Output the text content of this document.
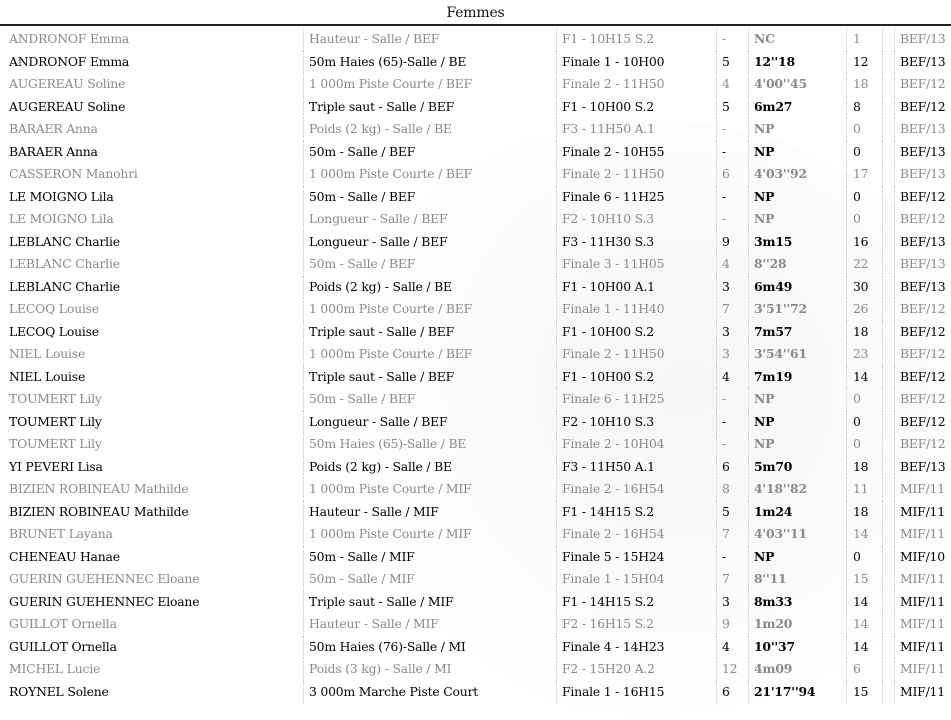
Femmes
ANDRONOF Emma	Hauteur - Salle / BEF	F1 - 10H15 S.2	-	NC	1	BEF/13
ANDRONOF Emma	50m Haies (65)-Salle / BE	Finale 1 - 10H00	5	12''18	12	BEF/13
AUGEREAU Soline	1 000m Piste Courte / BEF	Finale 2 - 11H50	4	4'00''45	18	BEF/12
AUGEREAU Soline	Triple saut - Salle / BEF	F1 - 10H00 S.2	5	6m27	8	BEF/12
BARAER Anna	Poids (2 kg) - Salle / BE	F3 - 11H50 A.1	-	NP	0	BEF/13
BARAER Anna	50m - Salle / BEF	Finale 2 - 10H55	-	NP	0	BEF/13
CASSERON Manohri	1 000m Piste Courte / BEF	Finale 2 - 11H50	6	4'03''92	17	BEF/13
LE MOIGNO Lila	50m - Salle / BEF	Finale 6 - 11H25	-	NP	0	BEF/12
LE MOIGNO Lila	Longueur - Salle / BEF	F2 - 10H10 S.3	-	NP	0	BEF/12
LEBLANC Charlie	Longueur - Salle / BEF	F3 - 11H30 S.3	9	3m15	16	BEF/13
LEBLANC Charlie	50m - Salle / BEF	Finale 3 - 11H05	4	8''28	22	BEF/13
LEBLANC Charlie	Poids (2 kg) - Salle / BE	F1 - 10H00 A.1	3	6m49	30	BEF/13
LECOQ Louise	1 000m Piste Courte / BEF	Finale 1 - 11H40	7	3'51''72	26	BEF/12
LECOQ Louise	Triple saut - Salle / BEF	F1 - 10H00 S.2	3	7m57	18	BEF/12
NIEL Louise	1 000m Piste Courte / BEF	Finale 2 - 11H50	3	3'54''61	23	BEF/12
NIEL Louise	Triple saut - Salle / BEF	F1 - 10H00 S.2	4	7m19	14	BEF/12
TOUMERT Lily	50m - Salle / BEF	Finale 6 - 11H25	-	NP	0	BEF/12
TOUMERT Lily	Longueur - Salle / BEF	F2 - 10H10 S.3	-	NP	0	BEF/12
TOUMERT Lily	50m Haies (65)-Salle / BE	Finale 2 - 10H04	-	NP	0	BEF/12
YI PEVERI Lisa	Poids (2 kg) - Salle / BE	F3 - 11H50 A.1	6	5m70	18	BEF/13
BIZIEN ROBINEAU Mathilde	1 000m Piste Courte / MIF	Finale 2 - 16H54	8	4'18''82	11	MIF/11
BIZIEN ROBINEAU Mathilde	Hauteur - Salle / MIF	F1 - 14H15 S.2	5	1m24	18	MIF/11
BRUNET Layana	1 000m Piste Courte / MIF	Finale 2 - 16H54	7	4'03''11	14	MIF/11
CHENEAU Hanae	50m - Salle / MIF	Finale 5 - 15H24	-	NP	0	MIF/10
GUERIN GUEHENNEC Eloane	50m - Salle / MIF	Finale 1 - 15H04	7	8''11	15	MIF/11
GUERIN GUEHENNEC Eloane	Triple saut - Salle / MIF	F1 - 14H15 S.2	3	8m33	14	MIF/11
GUILLOT Ornella	Hauteur - Salle / MIF	F2 - 16H15 S.2	9	1m20	14	MIF/11
GUILLOT Ornella	50m Haies (76)-Salle / MI	Finale 4 - 14H23	4	10''37	14	MIF/11
MICHEL Lucie	Poids (3 kg) - Salle / MI	F2 - 15H20 A.2	12	4m09	6	MIF/11
ROYNEL Solene	3 000m Marche Piste Court	Finale 1 - 16H15	6	21'17''94	15	MIF/11
